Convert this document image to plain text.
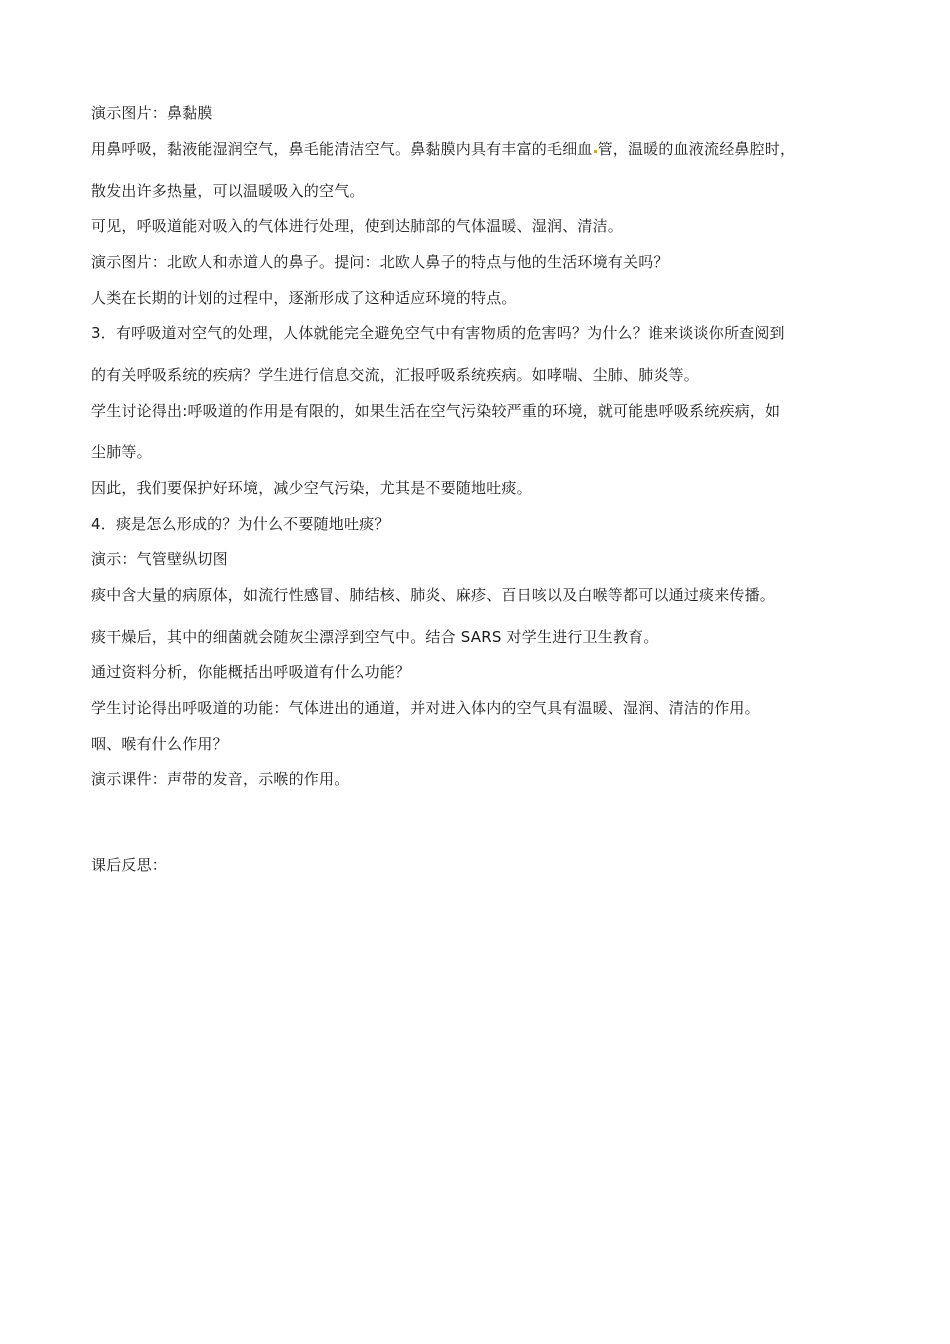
演示图片：鼻黏膜
用鼻呼吸，黏液能湿润空气，鼻毛能清洁空气。鼻黏膜内具有丰富的毛细血 管，温暖的血液流经鼻腔时，
散发出许多热量，可以温暖吸入的空气。
可见，呼吸道能对吸入的气体进行处理，使到达肺部的气体温暖、湿润、清洁。
演示图片：北欧人和赤道人的鼻子。提问：北欧人鼻子的特点与他的生活环境有关吗？
人类在长期的计划的过程中，逐渐形成了这种适应环境的特点。
3．有呼吸道对空气的处理，人体就能完全避免空气中有害物质的危害吗？为什么？谁来谈谈你所查阅到
的有关呼吸系统的疾病？学生进行信息交流，汇报呼吸系统疾病。如哮喘、尘肺、肺炎等。
学生讨论得出:呼吸道的作用是有限的，如果生活在空气污染较严重的环境，就可能患呼吸系统疾病，如
尘肺等。
因此，我们要保护好环境，减少空气污染，尤其是不要随地吐痰。
4．痰是怎么形成的？为什么不要随地吐痰？
演示：气管壁纵切图
痰中含大量的病原体，如流行性感冒、肺结核、肺炎、麻疹、百日咳以及白喉等都可以通过痰来传播。
痰干燥后，其中的细菌就会随灰尘漂浮到空气中。结合 SARS 对学生进行卫生教育。
通过资料分析，你能概括出呼吸道有什么功能？
学生讨论得出呼吸道的功能：气体进出的通道，并对进入体内的空气具有温暖、湿润、清洁的作用。
咽、喉有什么作用？
演示课件：声带的发音，示喉的作用。
课后反思：
